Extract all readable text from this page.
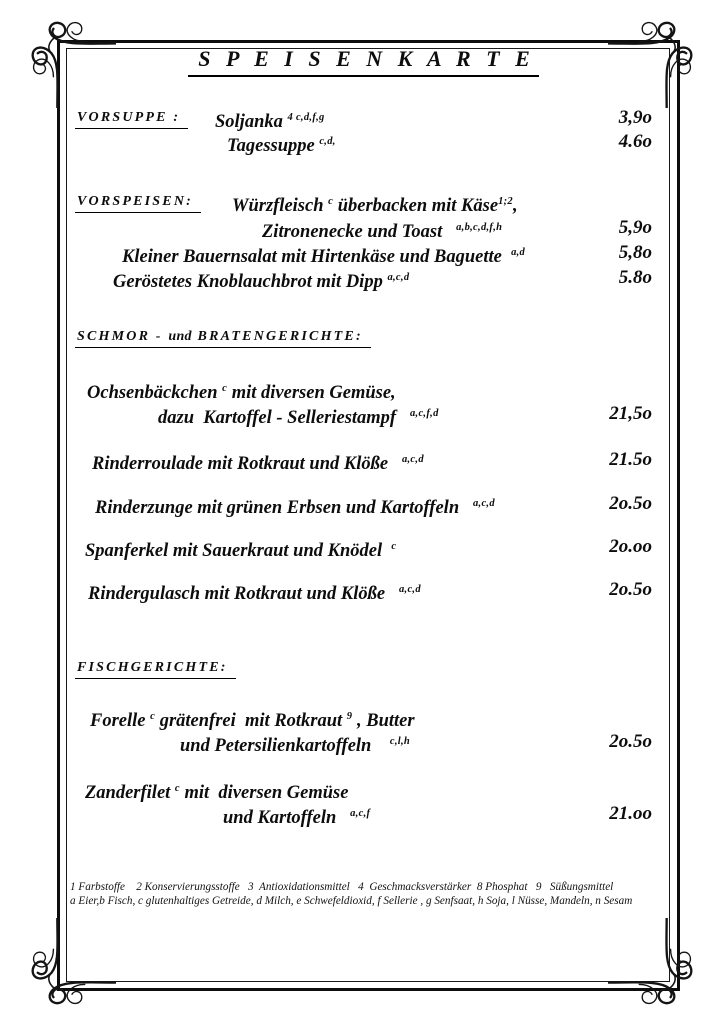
S P E I S E N K A R T E
VORSUPPE :	Soljanka $^{4 c,d,f,g}$	3,9o
Tagessuppe $^{c,d,}$	4.6o
VORSPEISEN:	Würzfleisch $^c$ überbacken mit Käse$^{1;2}$,
Zitronenecke und Toast   $^{a,b,c,d,f,h}$	5,9o
Kleiner Bauernsalat mit Hirtenkäse und Baguette  $^{a,d}$	5,8o
Geröstetes Knoblauchbrot mit Dipp $^{a,c,d}$	5.8o
SCHMOR - und BRATENGERICHTE:
Ochsenbäckchen $^c$ mit diversen Gemüse,
dazu  Kartoffel - Selleriestampf   $^{a,c,f,d}$	21,5o
Rinderroulade mit Rotkraut und Klöße   $^{a,c,d}$	21.5o
Rinderzunge mit grünen Erbsen und Kartoffeln   $^{a,c,d}$	2o.5o
Spanferkel mit Sauerkraut und Knödel  $^c$	2o.oo
Rindergulasch mit Rotkraut und Klöße   $^{a,c,d}$	2o.5o
FISCHGERICHTE:
Forelle $^c$ grätenfrei  mit Rotkraut $^9$ , Butter
und Petersilienkartoffeln    $^{c,l,h}$	2o.5o
Zanderfilet $^c$ mit  diversen Gemüse
und Kartoffeln   $^{a,c,f}$	21.oo
1 Farbstoffe    2 Konservierungsstoffe   3  Antioxidationsmittel   4  Geschmacksverstärker  8 Phosphat   9   Süßungsmittel
a Eier,b Fisch, c glutenhaltiges Getreide, d Milch, e Schwefeldioxid, f Sellerie , g Senfsaat, h Soja, l Nüsse, Mandeln, n Sesam
